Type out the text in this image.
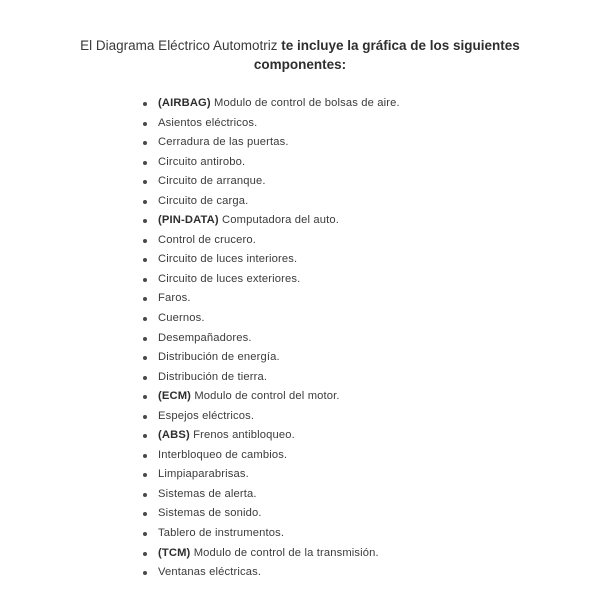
El Diagrama Eléctrico Automotriz te incluye la gráfica de los siguientes componentes:

(AIRBAG) Modulo de control de bolsas de aire.
Asientos eléctricos.
Cerradura de las puertas.
Circuito antirobo.
Circuito de arranque.
Circuito de carga.
(PIN-DATA) Computadora del auto.
Control de crucero.
Circuito de luces interiores.
Circuito de luces exteriores.
Faros.
Cuernos.
Desempañadores.
Distribución de energía.
Distribución de tierra.
(ECM) Modulo de control del motor.
Espejos eléctricos.
(ABS) Frenos antibloqueo.
Interbloqueo de cambios.
Limpiaparabrisas.
Sistemas de alerta.
Sistemas de sonido.
Tablero de instrumentos.
(TCM) Modulo de control de la transmisión.
Ventanas eléctricas.
